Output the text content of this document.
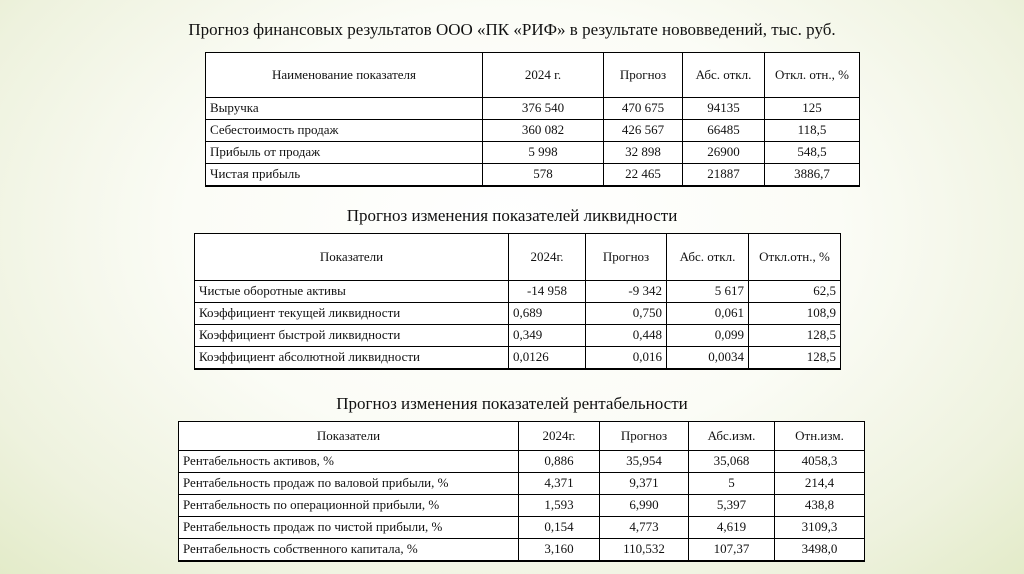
Прогноз финансовых результатов ООО «ПК «РИФ» в результате нововведений, тыс. руб.
Наименование показателя	2024 г.	Прогноз	Абс. откл.	Откл. отн., %
Выручка	376 540	470 675	94135	125
Себестоимость продаж	360 082	426 567	66485	118,5
Прибыль от продаж	5 998	32 898	26900	548,5
Чистая прибыль	578	22 465	21887	3886,7
Прогноз изменения показателей ликвидности
Показатели	2024г.	Прогноз	Абс. откл.	Откл.отн., %
Чистые оборотные активы	-14 958	-9 342	5 617	62,5
Коэффициент текущей ликвидности	0,689	0,750	0,061	108,9
Коэффициент быстрой ликвидности	0,349	0,448	0,099	128,5
Коэффициент абсолютной ликвидности	0,0126	0,016	0,0034	128,5
Прогноз изменения показателей рентабельности
Показатели	2024г.	Прогноз	Абс.изм.	Отн.изм.
Рентабельность активов, %	0,886	35,954	35,068	4058,3
Рентабельность продаж по валовой прибыли, %	4,371	9,371	5	214,4
Рентабельность по операционной прибыли, %	1,593	6,990	5,397	438,8
Рентабельность продаж по чистой прибыли, %	0,154	4,773	4,619	3109,3
Рентабельность собственного капитала, %	3,160	110,532	107,37	3498,0
